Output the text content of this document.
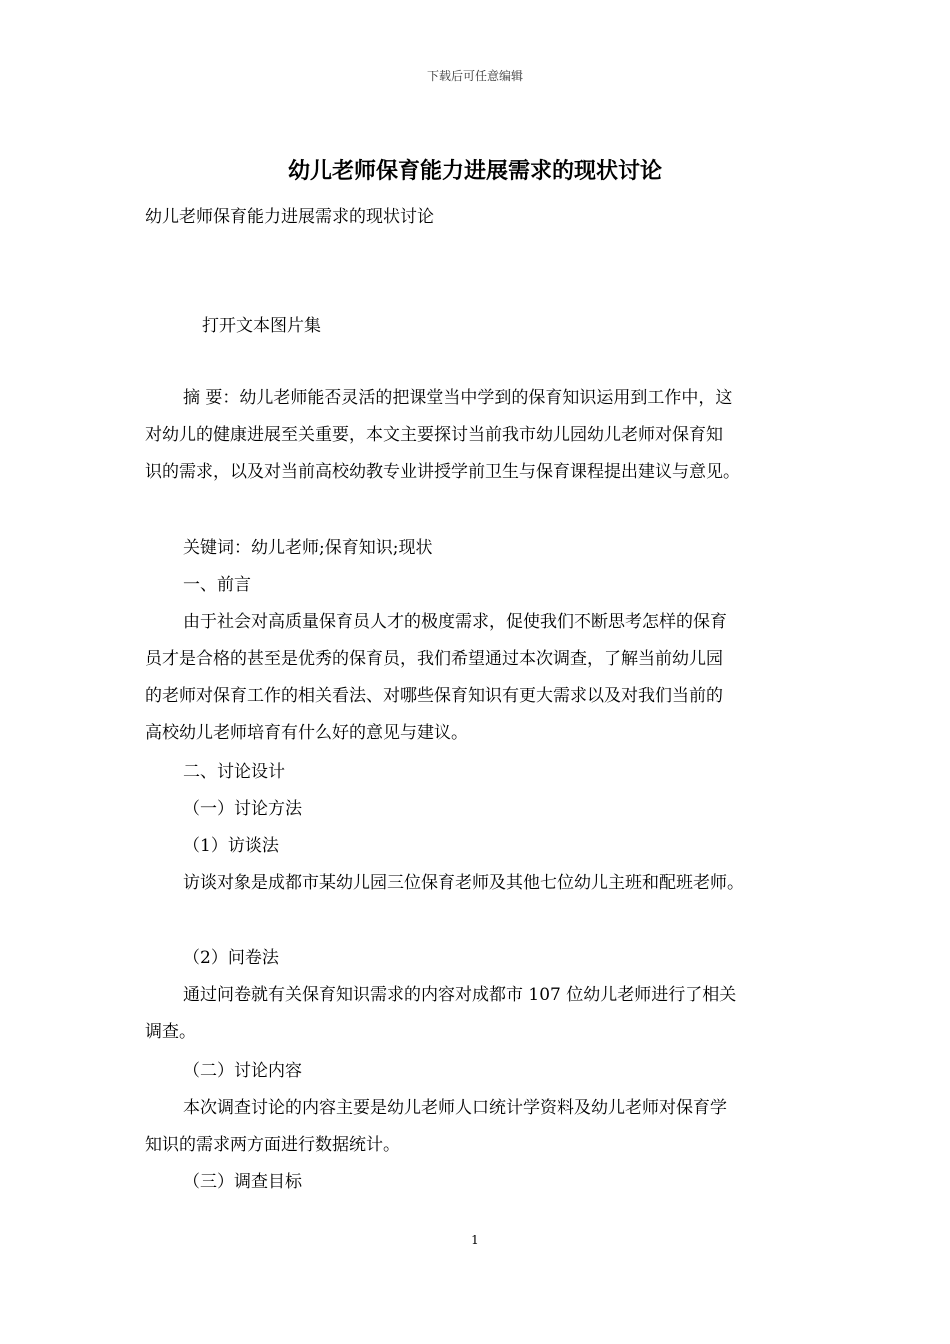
下载后可任意编辑
幼儿老师保育能力进展需求的现状讨论
幼儿老师保育能力进展需求的现状讨论
打开文本图片集
摘 要：幼儿老师能否灵活的把课堂当中学到的保育知识运用到工作中，这
对幼儿的健康进展至关重要，本文主要探讨当前我市幼儿园幼儿老师对保育知
识的需求，以及对当前高校幼教专业讲授学前卫生与保育课程提出建议与意见。
关键词：幼儿老师;保育知识;现状
一、前言
由于社会对高质量保育员人才的极度需求，促使我们不断思考怎样的保育
员才是合格的甚至是优秀的保育员，我们希望通过本次调查，了解当前幼儿园
的老师对保育工作的相关看法、对哪些保育知识有更大需求以及对我们当前的
高校幼儿老师培育有什么好的意见与建议。
二、讨论设计
（一）讨论方法
（1）访谈法
访谈对象是成都市某幼儿园三位保育老师及其他七位幼儿主班和配班老师。
（2）问卷法
通过问卷就有关保育知识需求的内容对成都市 107 位幼儿老师进行了相关
调查。
（二）讨论内容
本次调查讨论的内容主要是幼儿老师人口统计学资料及幼儿老师对保育学
知识的需求两方面进行数据统计。
（三）调查目标
1
